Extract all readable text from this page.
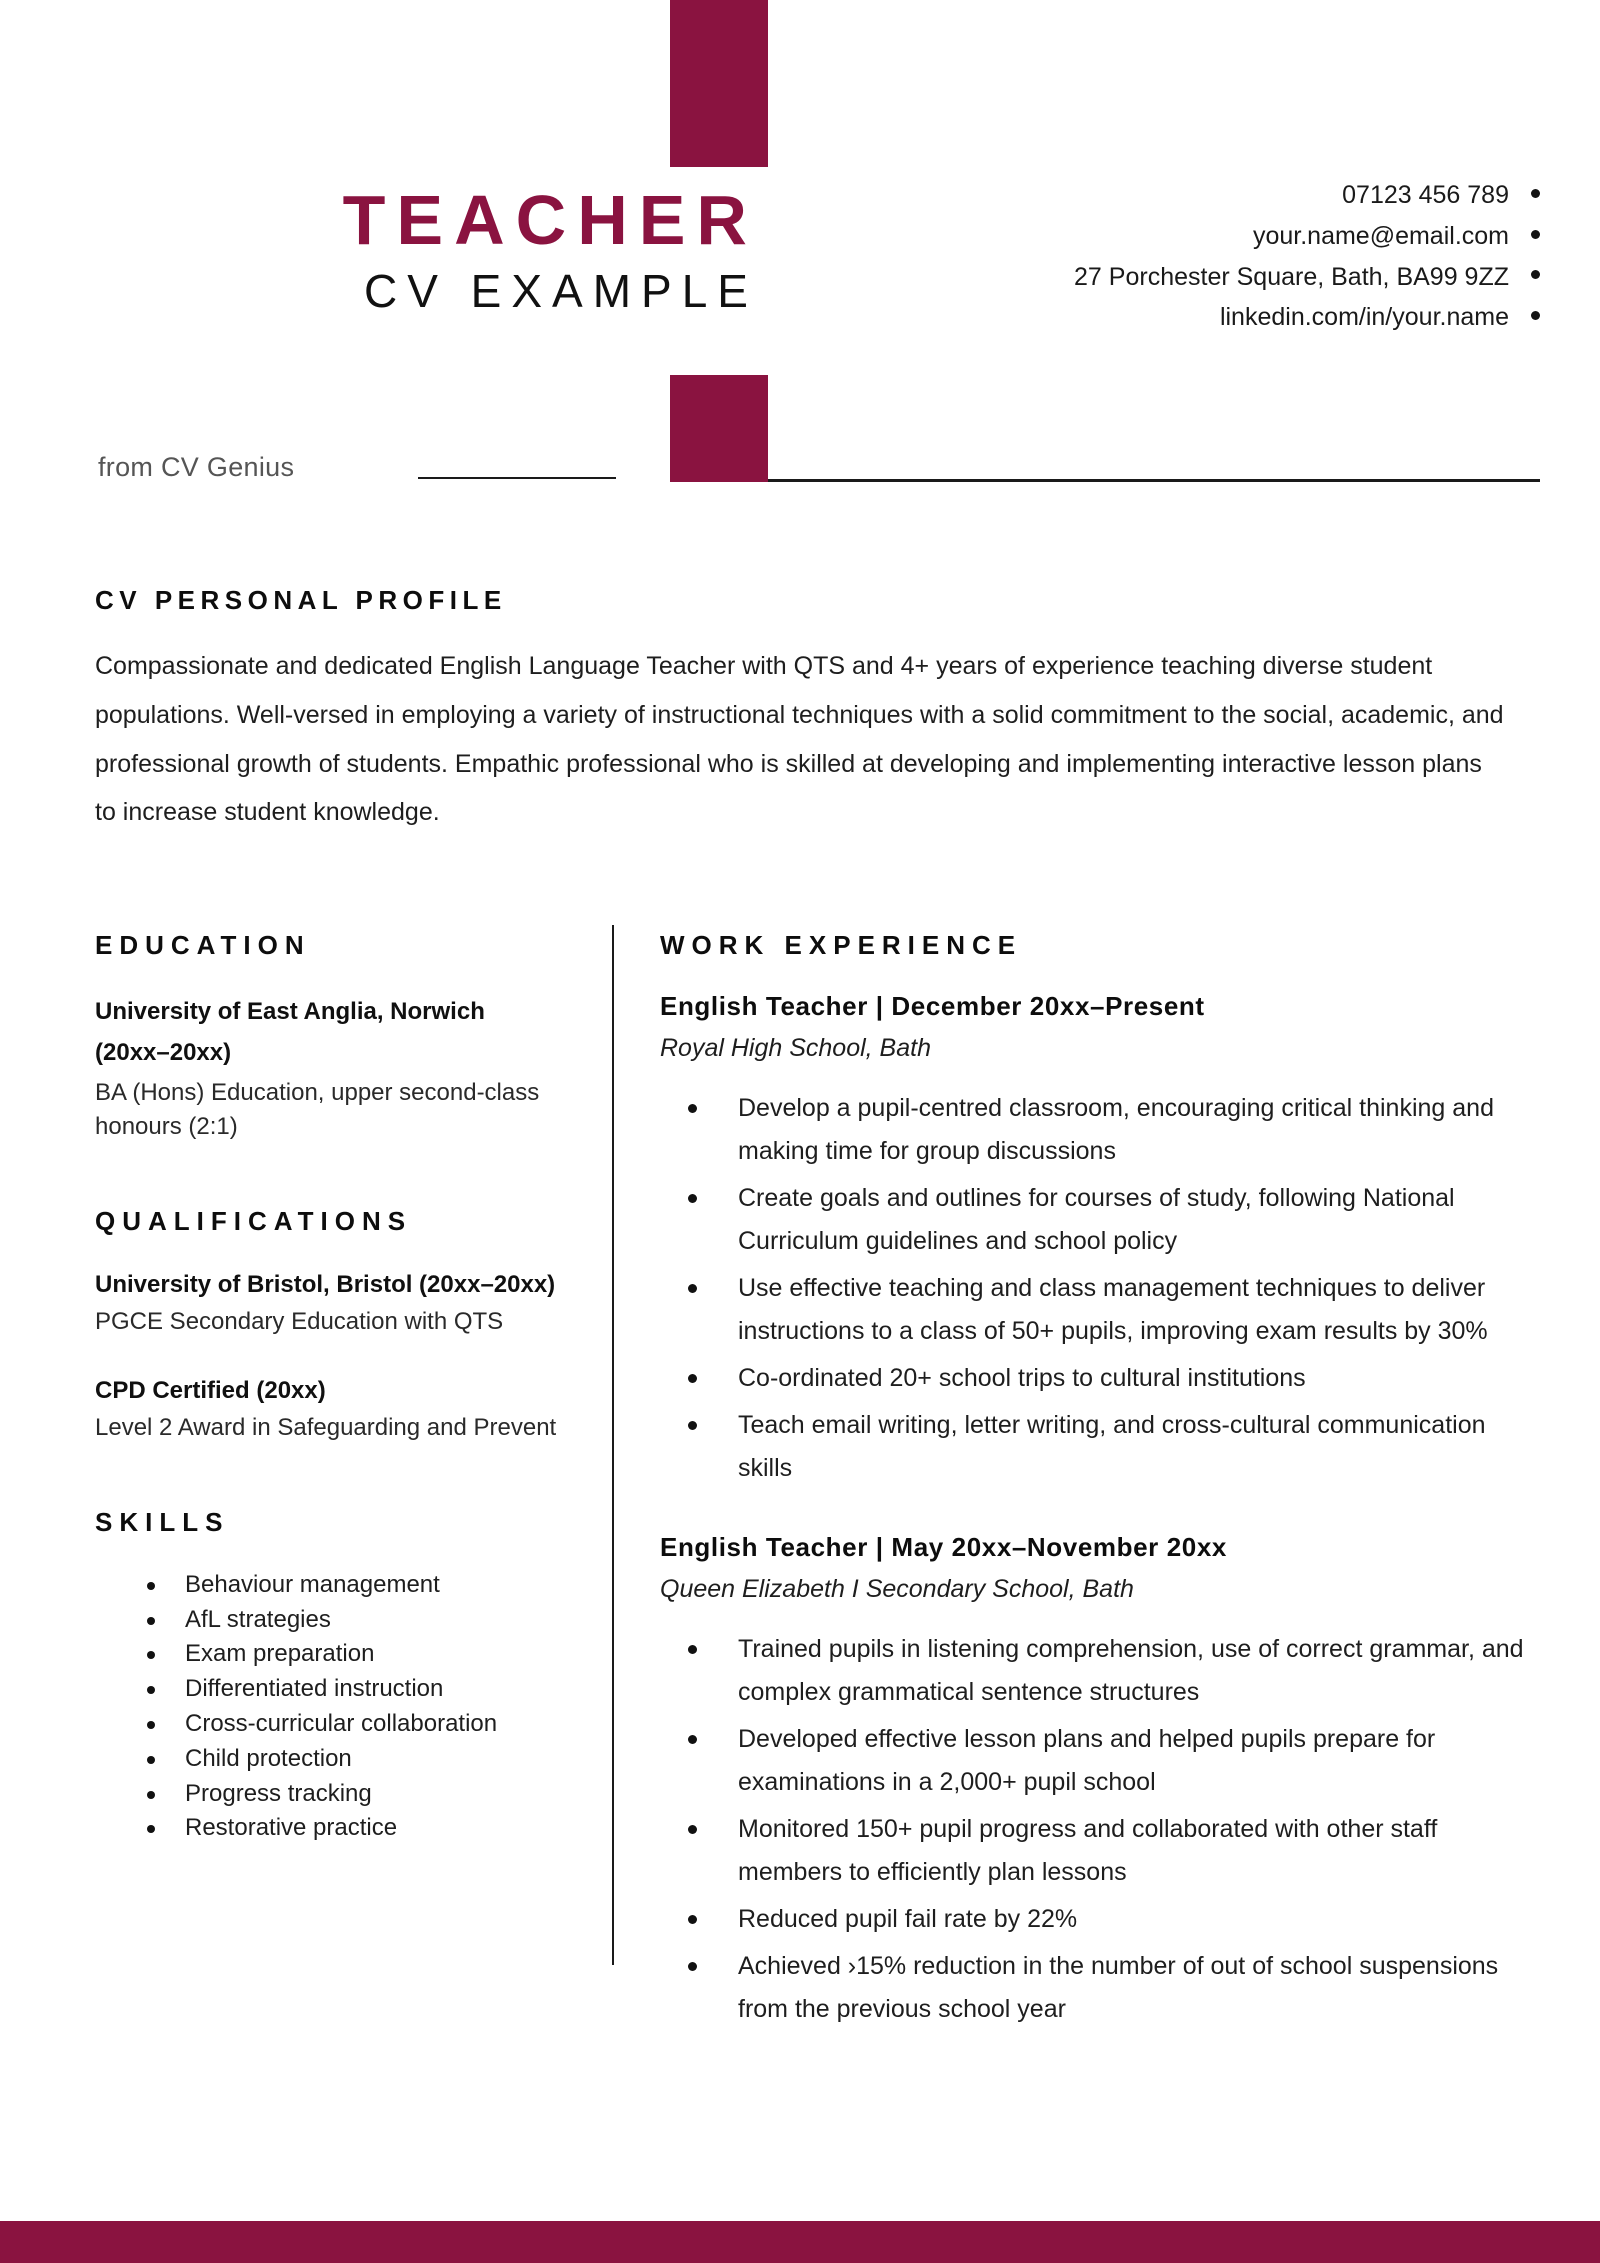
TEACHER
CV EXAMPLE
07123 456 789
your.name@email.com
27 Porchester Square, Bath, BA99 9ZZ
linkedin.com/in/your.name
from CV Genius
CV PERSONAL PROFILE

Compassionate and dedicated English Language Teacher with QTS and 4+ years of experience teaching diverse student populations. Well-versed in employing a variety of instructional techniques with a solid commitment to the social, academic, and professional growth of students. Empathic professional who is skilled at developing and implementing interactive lesson plans to increase student knowledge.

EDUCATION

University of East Anglia, Norwich (20xx–20xx)

BA (Hons) Education, upper second-class honours (2:1)

QUALIFICATIONS

University of Bristol, Bristol (20xx–20xx)

PGCE Secondary Education with QTS

CPD Certified (20xx)

Level 2 Award in Safeguarding and Prevent

SKILLS
Behaviour management
AfL strategies
Exam preparation
Differentiated instruction
Cross-curricular collaboration
Child protection
Progress tracking
Restorative practice
WORK EXPERIENCE

English Teacher | December 20xx–Present

Royal High School, Bath

Develop a pupil-centred classroom, encouraging critical thinking and making time for group discussions
Create goals and outlines for courses of study, following National Curriculum guidelines and school policy
Use effective teaching and class management techniques to deliver instructions to a class of 50+ pupils, improving exam results by 30%
Co-ordinated 20+ school trips to cultural institutions
Teach email writing, letter writing, and cross-cultural communication skills

English Teacher | May 20xx–November 20xx

Queen Elizabeth I Secondary School, Bath

Trained pupils in listening comprehension, use of correct grammar, and complex grammatical sentence structures
Developed effective lesson plans and helped pupils prepare for examinations in a 2,000+ pupil school
Monitored 150+ pupil progress and collaborated with other staff members to efficiently plan lessons
Reduced pupil fail rate by 22%
Achieved ›15% reduction in the number of out of school suspensions from the previous school year
